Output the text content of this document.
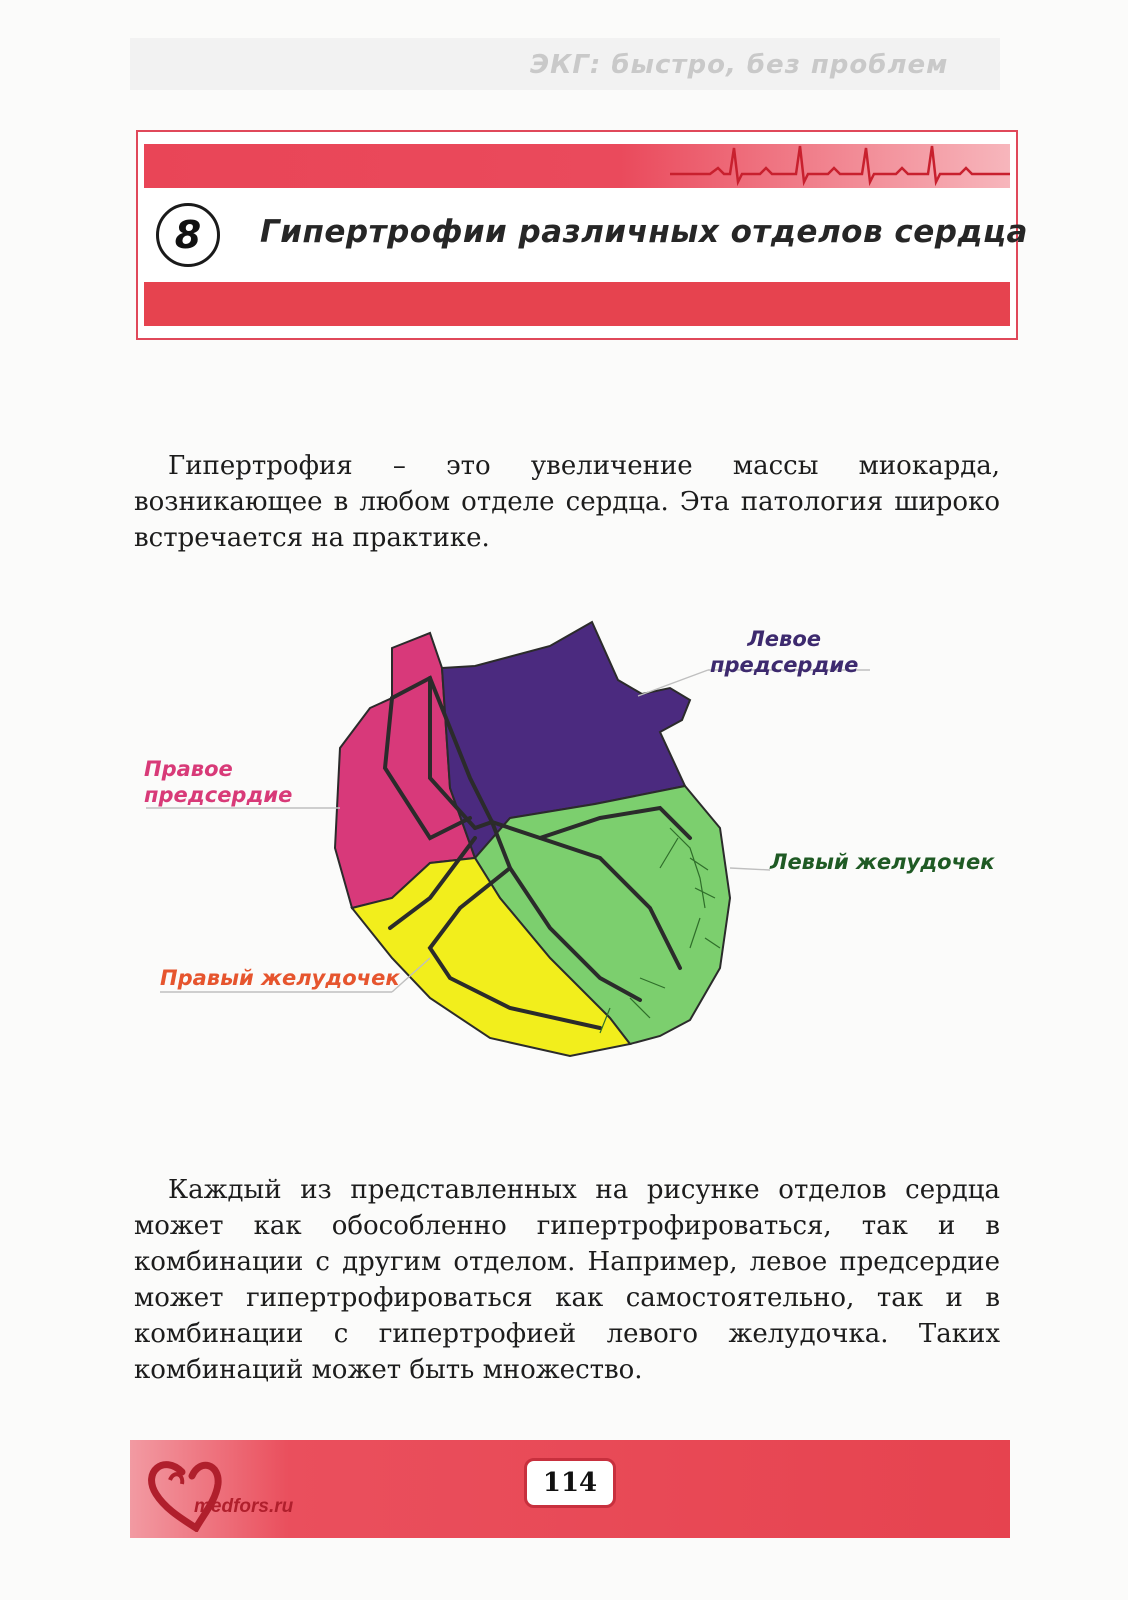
ЭКГ: быстро, без проблем
8	Гипертрофии различных отделов сердца

Гипертрофия – это увеличение массы миокарда, возникающее в любом отделе сердца. Эта патология широко встречается на практике.

Правое
предсердие
Левое
предсердие
Левый желудочек
Правый желудочек

Каждый из представленных на рисунке отделов сердца может как обособленно гипертрофироваться, так и в комбинации с другим отделом. Например, левое предсердие может гипертрофироваться как самостоятельно, так и в комбинации с гипертрофией левого желудочка. Таких комбинаций может быть множество.

medfors.ru
114
